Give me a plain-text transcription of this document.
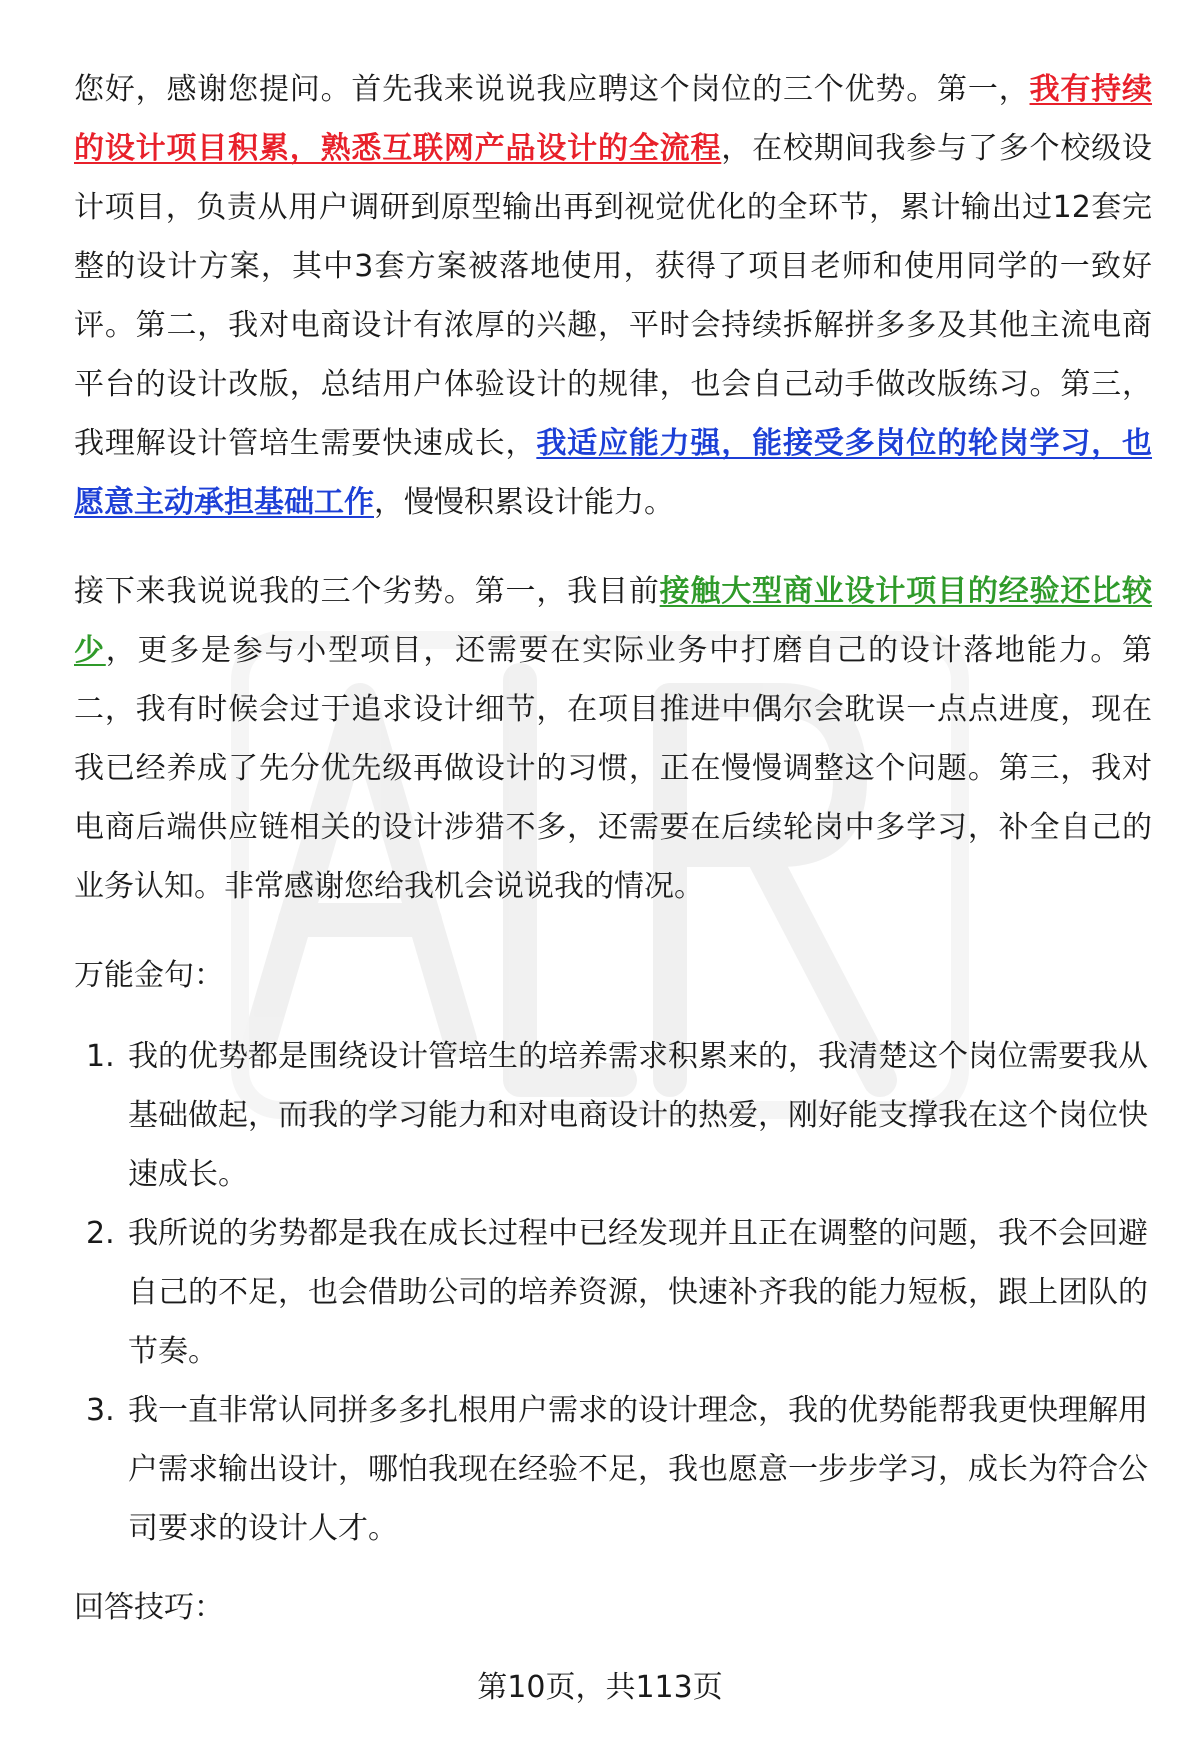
您好，感谢您提问。首先我来说说我应聘这个岗位的三个优势。第一，我有持续的设计项目积累，熟悉互联网产品设计的全流程，在校期间我参与了多个校级设计项目，负责从用户调研到原型输出再到视觉优化的全环节，累计输出过12套完整的设计方案，其中3套方案被落地使用，获得了项目老师和使用同学的一致好评。第二，我对电商设计有浓厚的兴趣，平时会持续拆解拼多多及其他主流电商平台的设计改版，总结用户体验设计的规律，也会自己动手做改版练习。第三，我理解设计管培生需要快速成长，我适应能力强，能接受多岗位的轮岗学习，也愿意主动承担基础工作，慢慢积累设计能力。

接下来我说说我的三个劣势。第一，我目前接触大型商业设计项目的经验还比较少，更多是参与小型项目，还需要在实际业务中打磨自己的设计落地能力。第二，我有时候会过于追求设计细节，在项目推进中偶尔会耽误一点点进度，现在我已经养成了先分优先级再做设计的习惯，正在慢慢调整这个问题。第三，我对电商后端供应链相关的设计涉猎不多，还需要在后续轮岗中多学习，补全自己的业务认知。非常感谢您给我机会说说我的情况。

万能金句：

1. 我的优势都是围绕设计管培生的培养需求积累来的，我清楚这个岗位需要我从基础做起，而我的学习能力和对电商设计的热爱，刚好能支撑我在这个岗位快速成长。
2. 我所说的劣势都是我在成长过程中已经发现并且正在调整的问题，我不会回避自己的不足，也会借助公司的培养资源，快速补齐我的能力短板，跟上团队的节奏。
3. 我一直非常认同拼多多扎根用户需求的设计理念，我的优势能帮我更快理解用户需求输出设计，哪怕我现在经验不足，我也愿意一步步学习，成长为符合公司要求的设计人才。

回答技巧：

第10页，共113页
